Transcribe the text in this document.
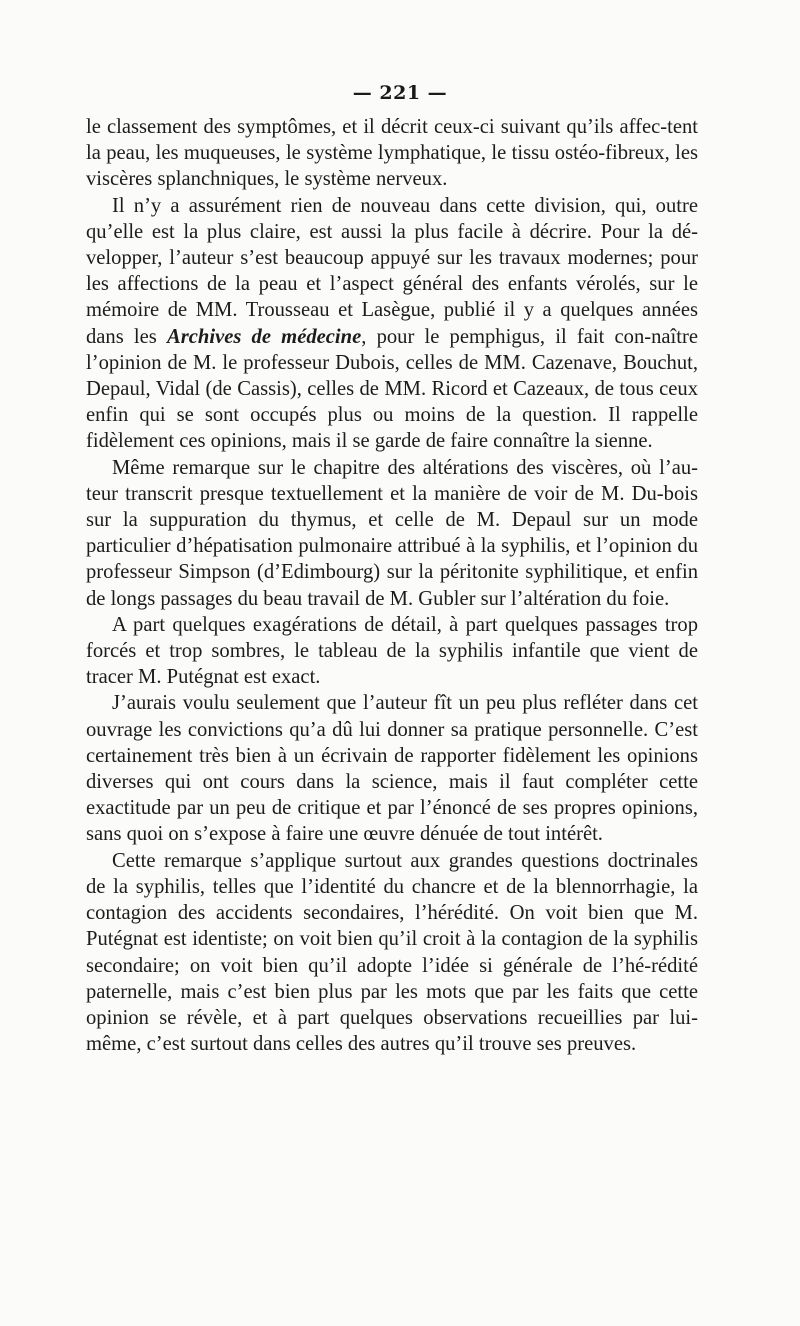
— 221 —

le classement des symptômes, et il décrit ceux-ci suivant qu’ils affec-tent la peau, les muqueuses, le système lymphatique, le tissu ostéo-fibreux, les viscères splanchniques, le système nerveux.

Il n’y a assurément rien de nouveau dans cette division, qui, outre qu’elle est la plus claire, est aussi la plus facile à décrire. Pour la dé-velopper, l’auteur s’est beaucoup appuyé sur les travaux modernes; pour les affections de la peau et l’aspect général des enfants vérolés, sur le mémoire de MM. Trousseau et Lasègue, publié il y a quelques années dans les Archives de médecine, pour le pemphigus, il fait con-naître l’opinion de M. le professeur Dubois, celles de MM. Cazenave, Bouchut, Depaul, Vidal (de Cassis), celles de MM. Ricord et Cazeaux, de tous ceux enfin qui se sont occupés plus ou moins de la question. Il rappelle fidèlement ces opinions, mais il se garde de faire connaître la sienne.

Même remarque sur le chapitre des altérations des viscères, où l’au-teur transcrit presque textuellement et la manière de voir de M. Du-bois sur la suppuration du thymus, et celle de M. Depaul sur un mode particulier d’hépatisation pulmonaire attribué à la syphilis, et l’opinion du professeur Simpson (d’Edimbourg) sur la péritonite syphilitique, et enfin de longs passages du beau travail de M. Gubler sur l’altération du foie.

A part quelques exagérations de détail, à part quelques passages trop forcés et trop sombres, le tableau de la syphilis infantile que vient de tracer M. Putégnat est exact.

J’aurais voulu seulement que l’auteur fît un peu plus refléter dans cet ouvrage les convictions qu’a dû lui donner sa pratique personnelle. C’est certainement très bien à un écrivain de rapporter fidèlement les opinions diverses qui ont cours dans la science, mais il faut compléter cette exactitude par un peu de critique et par l’énoncé de ses propres opinions, sans quoi on s’expose à faire une œuvre dénuée de tout intérêt.

Cette remarque s’applique surtout aux grandes questions doctrinales de la syphilis, telles que l’identité du chancre et de la blennorrhagie, la contagion des accidents secondaires, l’hérédité. On voit bien que M. Putégnat est identiste; on voit bien qu’il croit à la contagion de la syphilis secondaire; on voit bien qu’il adopte l’idée si générale de l’hé-rédité paternelle, mais c’est bien plus par les mots que par les faits que cette opinion se révèle, et à part quelques observations recueillies par lui-même, c’est surtout dans celles des autres qu’il trouve ses preuves.
